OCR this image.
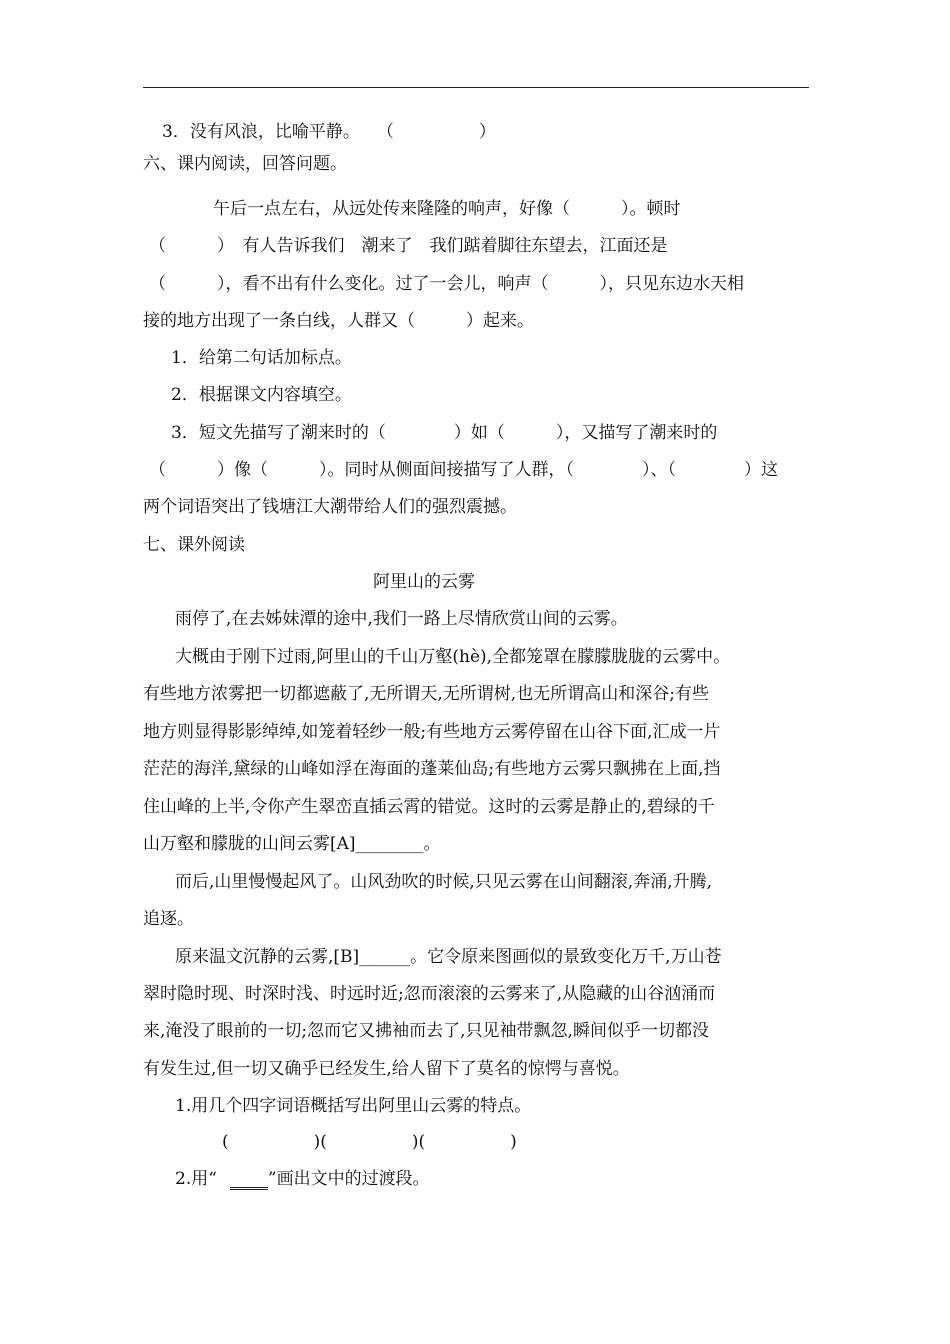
3．没有风浪，比喻平静。　　（　　　　　）
六、课内阅读，回答问题。
午后一点左右，从远处传来隆隆的响声，好像（　　　）。顿时
（　　　）　有人告诉我们　潮来了　我们踮着脚往东望去，江面还是
（　　　），看不出有什么变化。过了一会儿，响声（　　　），只见东边水天相
接的地方出现了一条白线，人群又（　　　）起来。
1．给第二句话加标点。
2．根据课文内容填空。
3．短文先描写了潮来时的（　　　　）如（　　　），又描写了潮来时的
（　　　）像（　　　）。同时从侧面间接描写了人群，（　　　　）、（　　　　）这
两个词语突出了钱塘江大潮带给人们的强烈震撼。
七、课外阅读
阿里山的云雾
雨停了,在去姊妹潭的途中,我们一路上尽情欣赏山间的云雾。
大概由于刚下过雨,阿里山的千山万壑(hè),全都笼罩在朦朦胧胧的云雾中。
有些地方浓雾把一切都遮蔽了,无所谓天,无所谓树,也无所谓高山和深谷;有些
地方则显得影影绰绰,如笼着轻纱一般;有些地方云雾停留在山谷下面,汇成一片
茫茫的海洋,黛绿的山峰如浮在海面的蓬莱仙岛;有些地方云雾只飘拂在上面,挡
住山峰的上半,令你产生翠峦直插云霄的错觉。这时的云雾是静止的,碧绿的千
山万壑和朦胧的山间云雾[A]________。
而后,山里慢慢起风了。山风劲吹的时候,只见云雾在山间翻滚,奔涌,升腾,
追逐。
原来温文沉静的云雾,[B]______。它令原来图画似的景致变化万千,万山苍
翠时隐时现、时深时浅、时远时近;忽而滚滚的云雾来了,从隐藏的山谷汹涌而
来,淹没了眼前的一切;忽而它又拂袖而去了,只见袖带飘忽,瞬间似乎一切都没
有发生过,但一切又确乎已经发生,给人留下了莫名的惊愕与喜悦。
1.用几个四字词语概括写出阿里山云雾的特点。
(　　　　　)(　　　　　)(　　　　　)
2.用“　　　”画出文中的过渡段。
